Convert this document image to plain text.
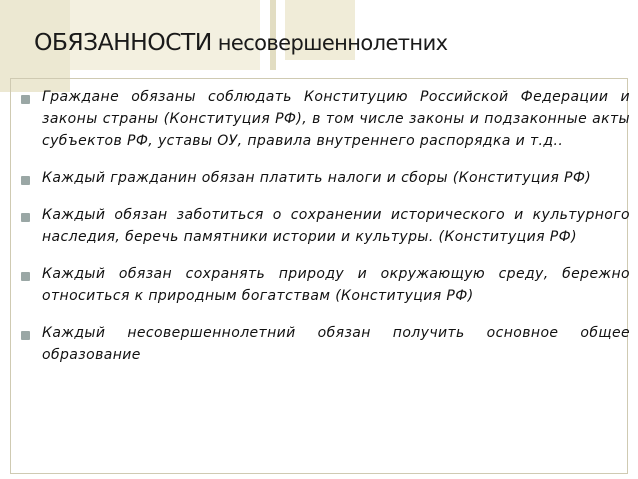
ОБЯЗАННОСТИ несовершеннолетних
Граждане обязаны соблюдать Конституцию Российской Федерации и законы страны (Конституция РФ), в том числе законы и подзаконные акты субъектов РФ, уставы ОУ, правила внутреннего распорядка и т.д..
Каждый гражданин обязан платить налоги и сборы (Конституция РФ)
Каждый обязан заботиться о сохранении исторического и культурного наследия, беречь памятники истории и культуры. (Конституция РФ)
Каждый обязан сохранять природу и окружающую среду, бережно относиться к природным богатствам (Конституция РФ)
Каждый несовершеннолетний обязан получить основное общее образование
